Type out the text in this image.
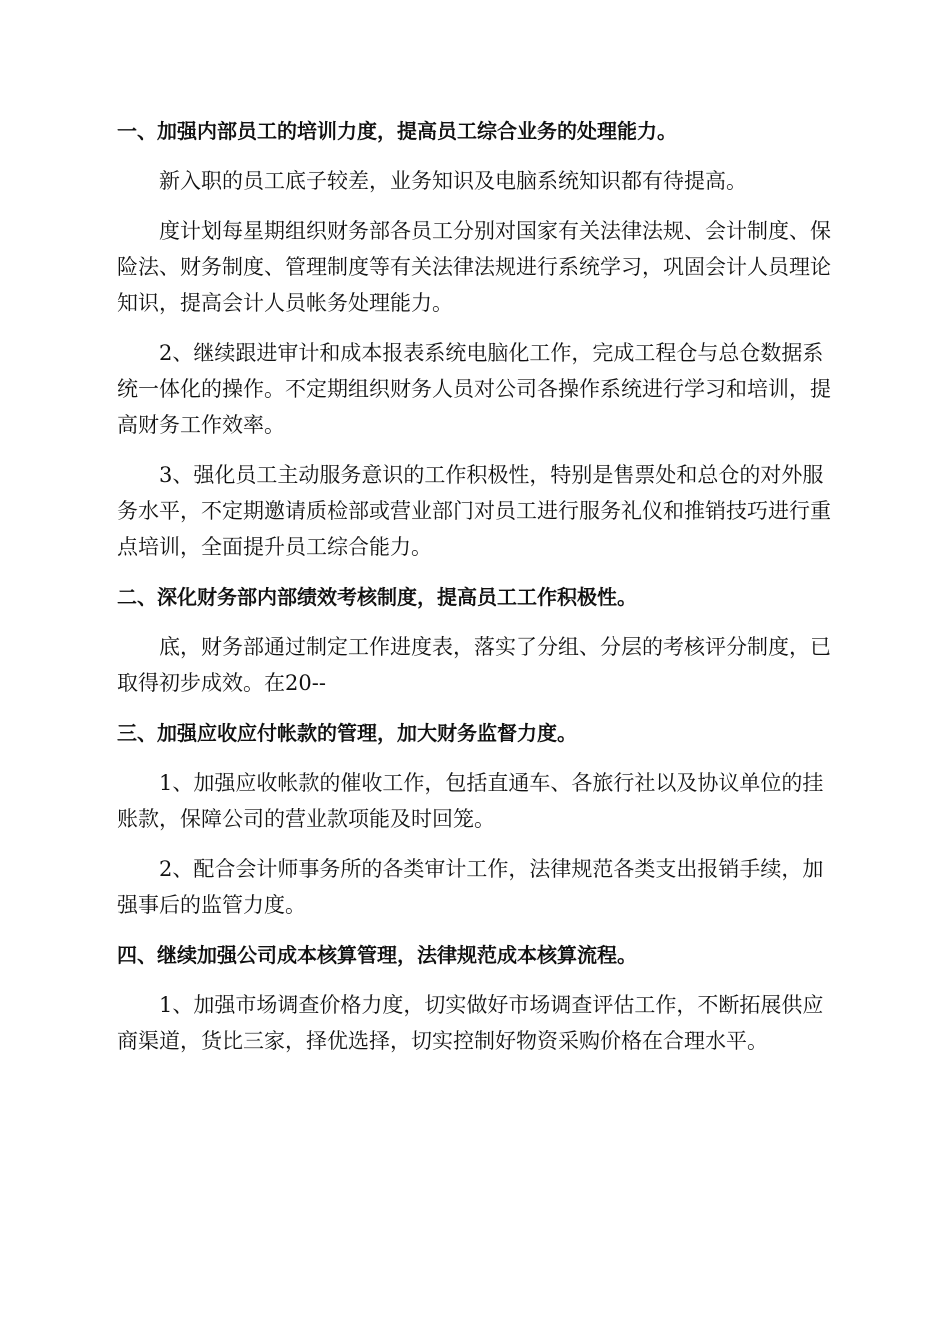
一、加强内部员工的培训力度，提高员工综合业务的处理能力。

新入职的员工底子较差，业务知识及电脑系统知识都有待提高。

度计划每星期组织财务部各员工分别对国家有关法律法规、会计制度、保险法、财务制度、管理制度等有关法律法规进行系统学习，巩固会计人员理论知识，提高会计人员帐务处理能力。

2、继续跟进审计和成本报表系统电脑化工作，完成工程仓与总仓数据系统一体化的操作。不定期组织财务人员对公司各操作系统进行学习和培训，提高财务工作效率。

3、强化员工主动服务意识的工作积极性，特别是售票处和总仓的对外服务水平，不定期邀请质检部或营业部门对员工进行服务礼仪和推销技巧进行重点培训，全面提升员工综合能力。

二、深化财务部内部绩效考核制度，提高员工工作积极性。

底，财务部通过制定工作进度表，落实了分组、分层的考核评分制度，已取得初步成效。在20--

三、加强应收应付帐款的管理，加大财务监督力度。

1、加强应收帐款的催收工作，包括直通车、各旅行社以及协议单位的挂账款，保障公司的营业款项能及时回笼。

2、配合会计师事务所的各类审计工作，法律规范各类支出报销手续，加强事后的监管力度。

四、继续加强公司成本核算管理，法律规范成本核算流程。

1、加强市场调查价格力度，切实做好市场调查评估工作，不断拓展供应商渠道，货比三家，择优选择，切实控制好物资采购价格在合理水平。
